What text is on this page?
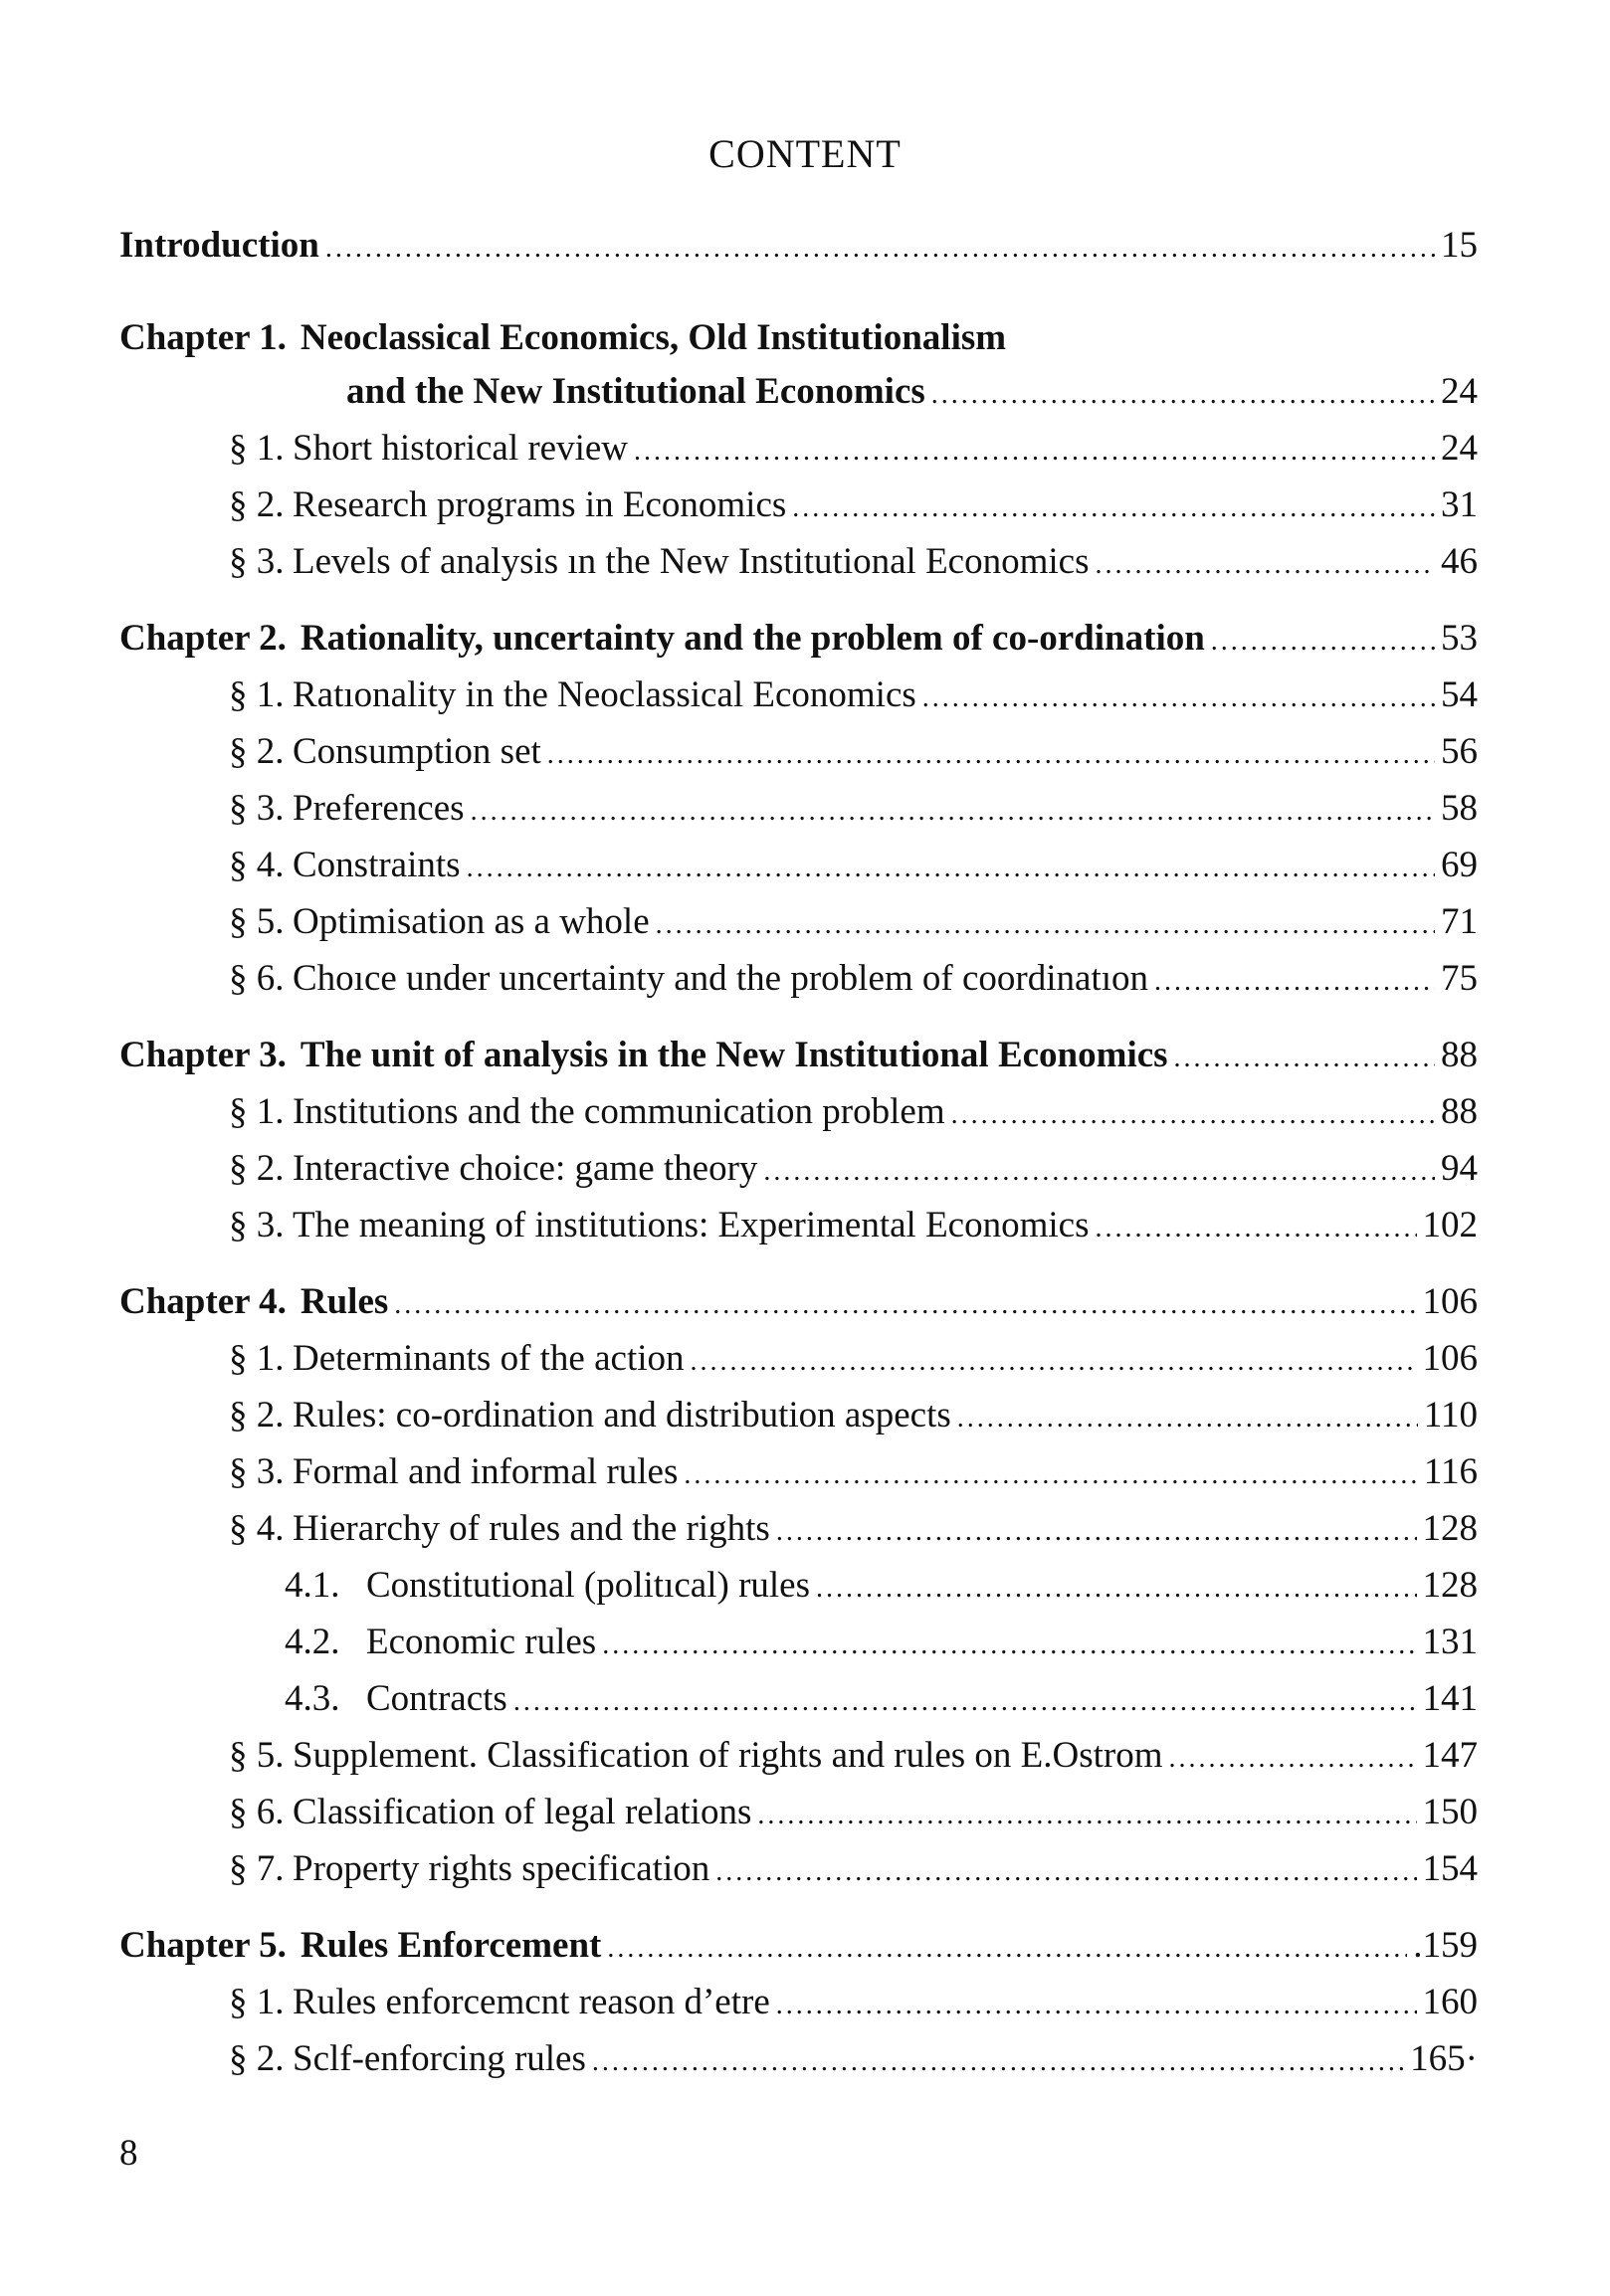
CONTENT
Introduction . . .	15
Chapter 1. Neoclassical Economics, Old Institutionalism
and the New Institutional Economics . . .	24
§ 1. Short historical review . . .	24
§ 2. Research programs in Economics . . .	31
§ 3. Levels of analysis ın the New Institutional Economics . . .	46
Chapter 2. Rationality, uncertainty and the problem of co-ordination . . .	53
§ 1. Ratıonality in the Neoclassical Economics . . .	54
§ 2. Consumption set . . .	56
§ 3. Preferences . . .	58
§ 4. Constraints . . .	69
§ 5. Optimisation as a whole . . .	71
§ 6. Choıce under uncertainty and the problem of coordinatıon . . .	75
Chapter 3. The unit of analysis in the New Institutional Economics . . .	88
§ 1. Institutions and the communication problem . . .	88
§ 2. Interactive choice: game theory . . .	94
§ 3. The meaning of institutions: Experimental Economics . . .	102
Chapter 4. Rules . . .	106
§ 1. Determinants of the action . . .	106
§ 2. Rules: co-ordination and distribution aspects . . .	110
§ 3. Formal and informal rules . . .	116
§ 4. Hierarchy of rules and the rights . . .	128
4.1. Constitutional (politıcal) rules . . .	128
4.2. Economic rules . . .	131
4.3. Contracts . . .	141
§ 5. Supplement. Classification of rights and rules on E.Ostrom . . .	147
§ 6. Classification of legal relations . . .	150
§ 7. Property rights specification . . .	154
Chapter 5. Rules Enforcement . . .	.159
§ 1. Rules enforcemcnt reason d’etre . . .	160
§ 2. Sclf-enforcing rules . . .	165·
8
